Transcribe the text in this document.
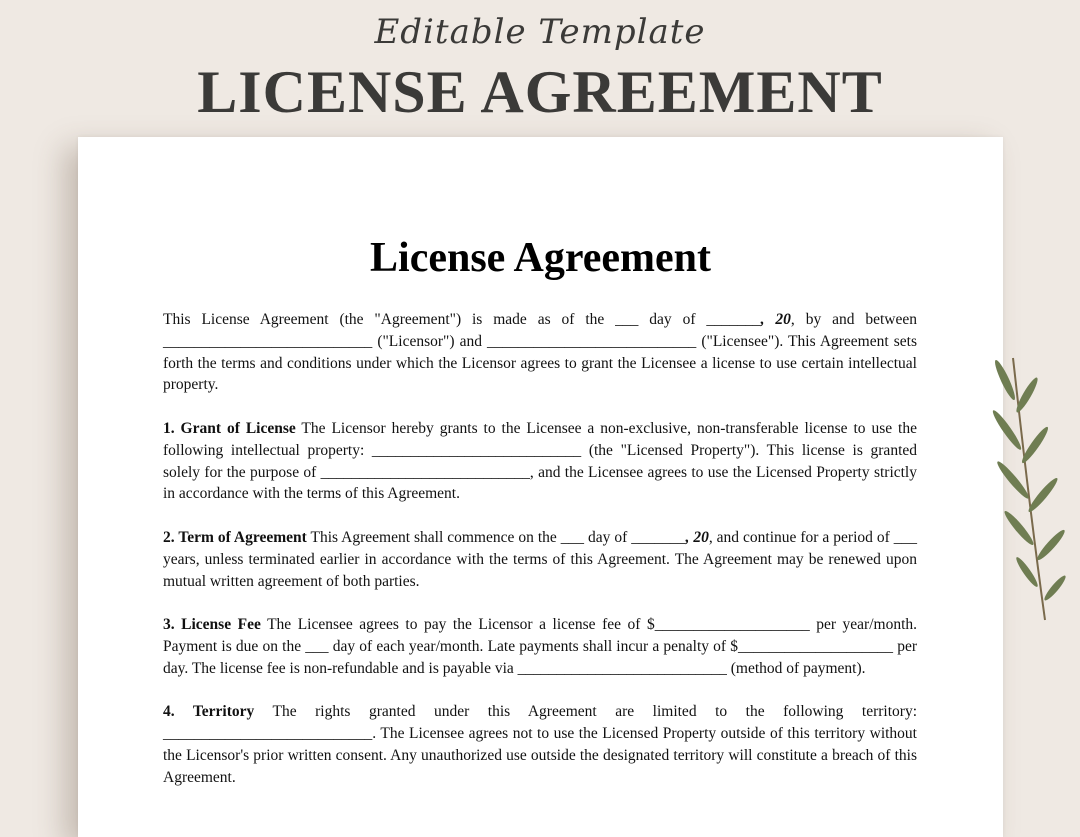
Editable Template
LICENSE AGREEMENT
License Agreement

This License Agreement (the "Agreement") is made as of the ___ day of _______, 20, by and between ___________________________ ("Licensor") and ___________________________ ("Licensee"). This Agreement sets forth the terms and conditions under which the Licensor agrees to grant the Licensee a license to use certain intellectual property.

1. Grant of License The Licensor hereby grants to the Licensee a non-exclusive, non-transferable license to use the following intellectual property: ___________________________ (the "Licensed Property"). This license is granted solely for the purpose of ___________________________, and the Licensee agrees to use the Licensed Property strictly in accordance with the terms of this Agreement.

2. Term of Agreement This Agreement shall commence on the ___ day of _______, 20, and continue for a period of ___ years, unless terminated earlier in accordance with the terms of this Agreement. The Agreement may be renewed upon mutual written agreement of both parties.

3. License Fee The Licensee agrees to pay the Licensor a license fee of $____________________ per year/month. Payment is due on the ___ day of each year/month. Late payments shall incur a penalty of $____________________ per day. The license fee is non-refundable and is payable via ___________________________ (method of payment).

4. Territory The rights granted under this Agreement are limited to the following territory: ___________________________. The Licensee agrees not to use the Licensed Property outside of this territory without the Licensor's prior written consent. Any unauthorized use outside the designated territory will constitute a breach of this Agreement.
